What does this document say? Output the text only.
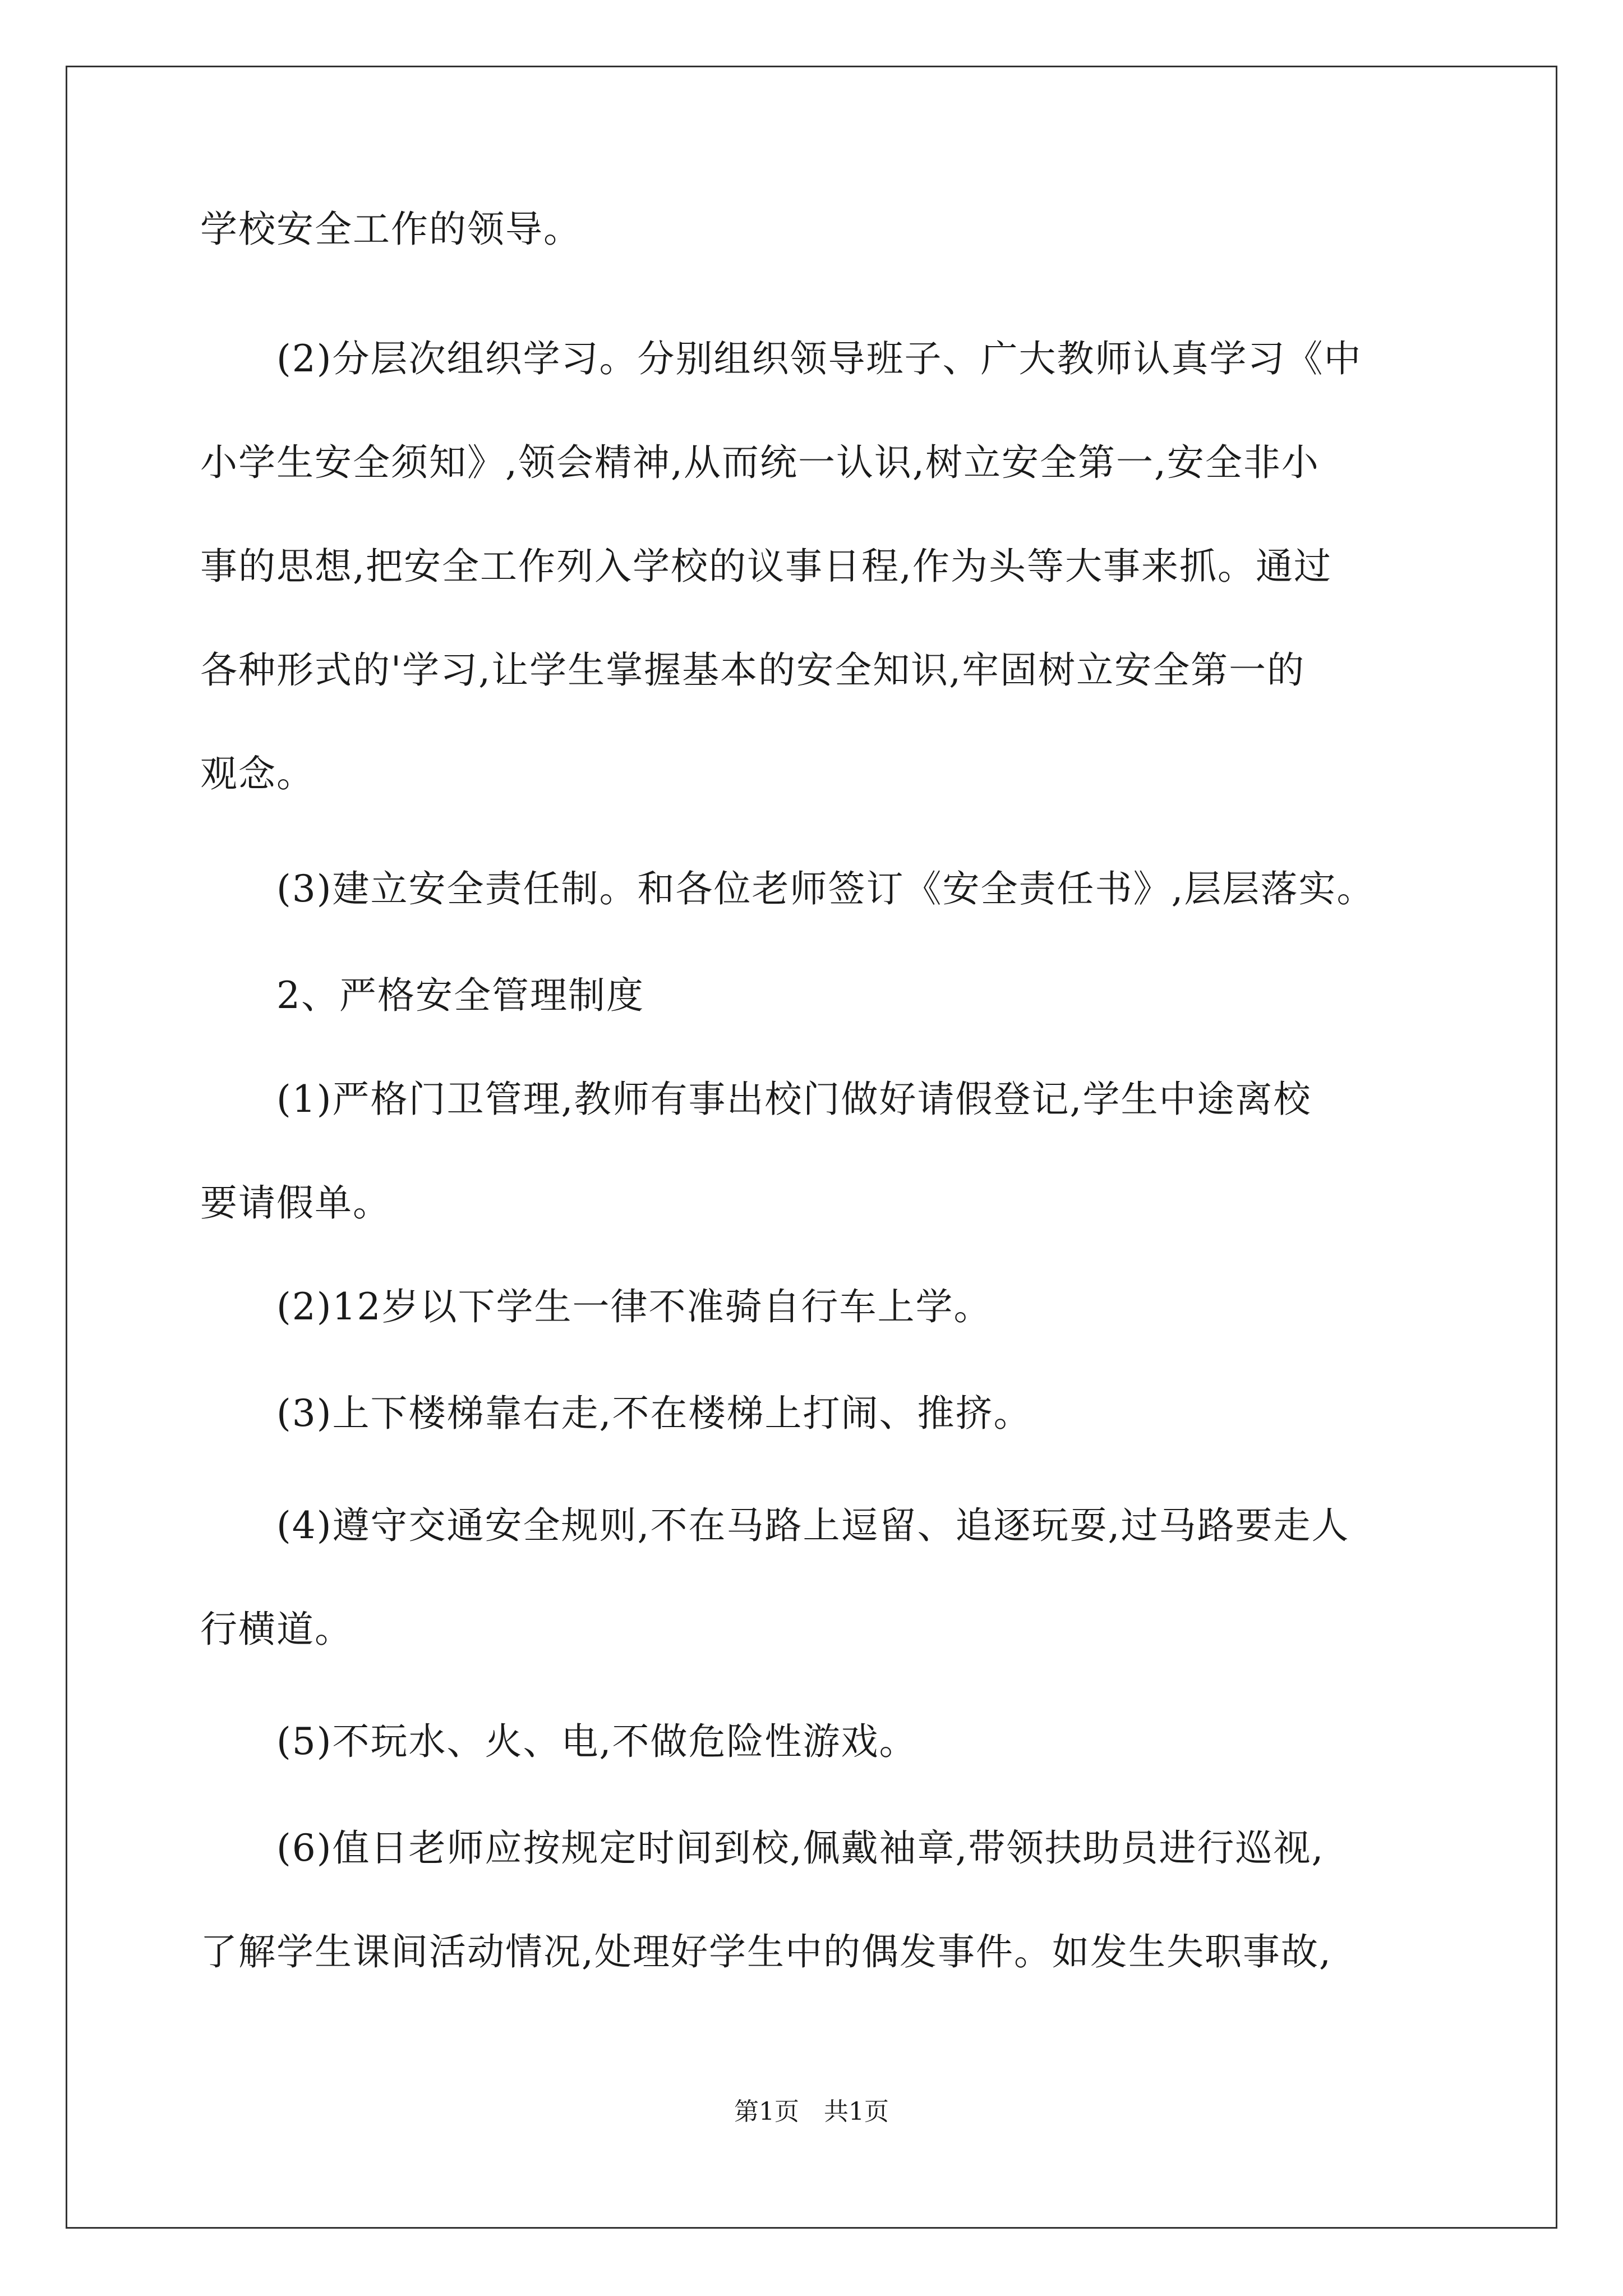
学校安全工作的领导。

　　(2)分层次组织学习。分别组织领导班子、广大教师认真学习《中

小学生安全须知》,领会精神,从而统一认识,树立安全第一,安全非小

事的思想,把安全工作列入学校的议事日程,作为头等大事来抓。通过

各种形式的'学习,让学生掌握基本的安全知识,牢固树立安全第一的

观念。

　　(3)建立安全责任制。和各位老师签订《安全责任书》,层层落实。

　　2、严格安全管理制度

　　(1)严格门卫管理,教师有事出校门做好请假登记,学生中途离校

要请假单。

　　(2)12岁以下学生一律不准骑自行车上学。

　　(3)上下楼梯靠右走,不在楼梯上打闹、推挤。

　　(4)遵守交通安全规则,不在马路上逗留、追逐玩耍,过马路要走人

行横道。

　　(5)不玩水、火、电,不做危险性游戏。

　　(6)值日老师应按规定时间到校,佩戴袖章,带领扶助员进行巡视,

了解学生课间活动情况,处理好学生中的偶发事件。如发生失职事故,

第1页　共1页
